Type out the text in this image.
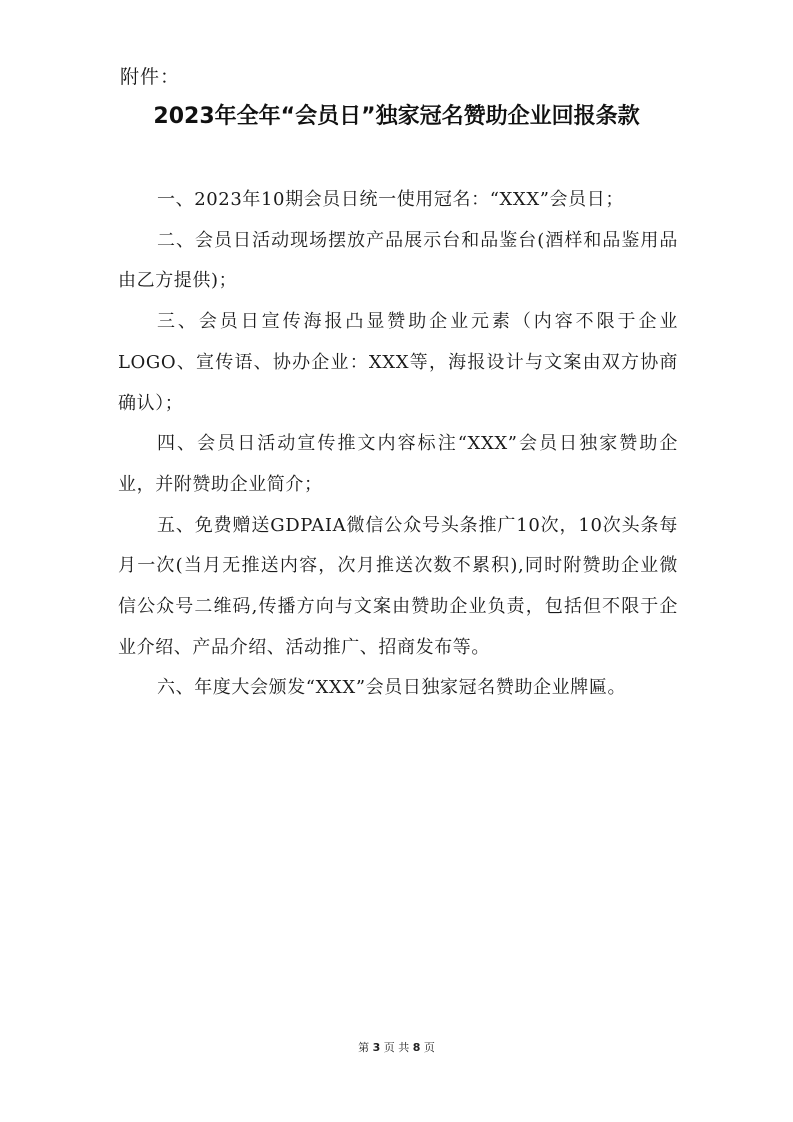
附件：
2023年全年“会员日”独家冠名赞助企业回报条款

一、2023年10期会员日统一使用冠名：“XXX”会员日；

二、会员日活动现场摆放产品展示台和品鉴台(酒样和品鉴用品由乙方提供)；

三、会员日宣传海报凸显赞助企业元素（内容不限于企业LOGO、宣传语、协办企业：XXX等，海报设计与文案由双方协商确认）；

四、会员日活动宣传推文内容标注“XXX”会员日独家赞助企业，并附赞助企业简介；

五、免费赠送GDPAIA微信公众号头条推广10次，10次头条每月一次(当月无推送内容，次月推送次数不累积),同时附赞助企业微信公众号二维码,传播方向与文案由赞助企业负责，包括但不限于企业介绍、产品介绍、活动推广、招商发布等。

六、年度大会颁发“XXX”会员日独家冠名赞助企业牌匾。

第 3 页 共 8 页
